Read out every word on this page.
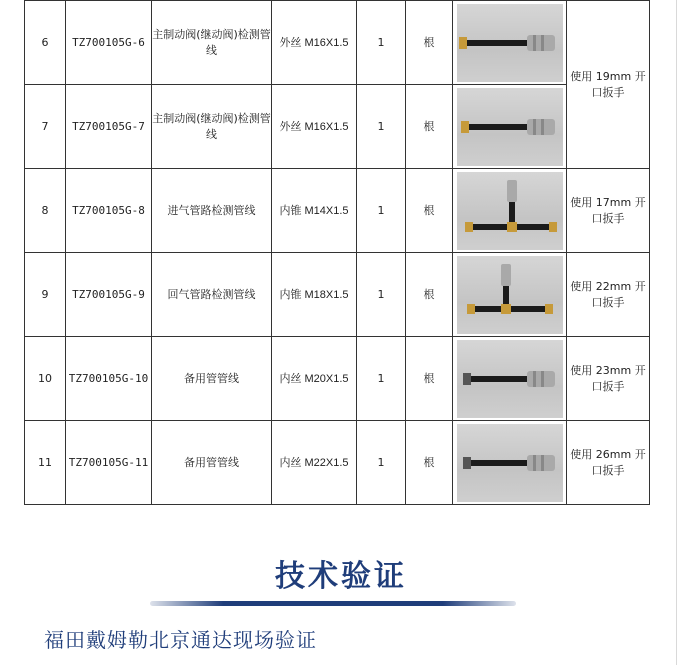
6	TZ700105G-6	主制动阀(继动阀)检测管线	外丝 M16X1.5	1	根		使用 19mm 开口扳手
7	TZ700105G-7	主制动阀(继动阀)检测管线	外丝 M16X1.5	1	根	

8	TZ700105G-8	进气管路检测管线	内锥 M14X1.5	1	根		使用 17mm 开口扳手
9	TZ700105G-9	回气管路检测管线	内锥 M18X1.5	1	根		使用 22mm 开口扳手
10	TZ700105G-10	备用管管线	内丝 M20X1.5	1	根		使用 23mm 开口扳手
11	TZ700105G-11	备用管管线	内丝 M22X1.5	1	根		使用 26mm 开口扳手
技术验证
福田戴姆勒北京通达现场验证
